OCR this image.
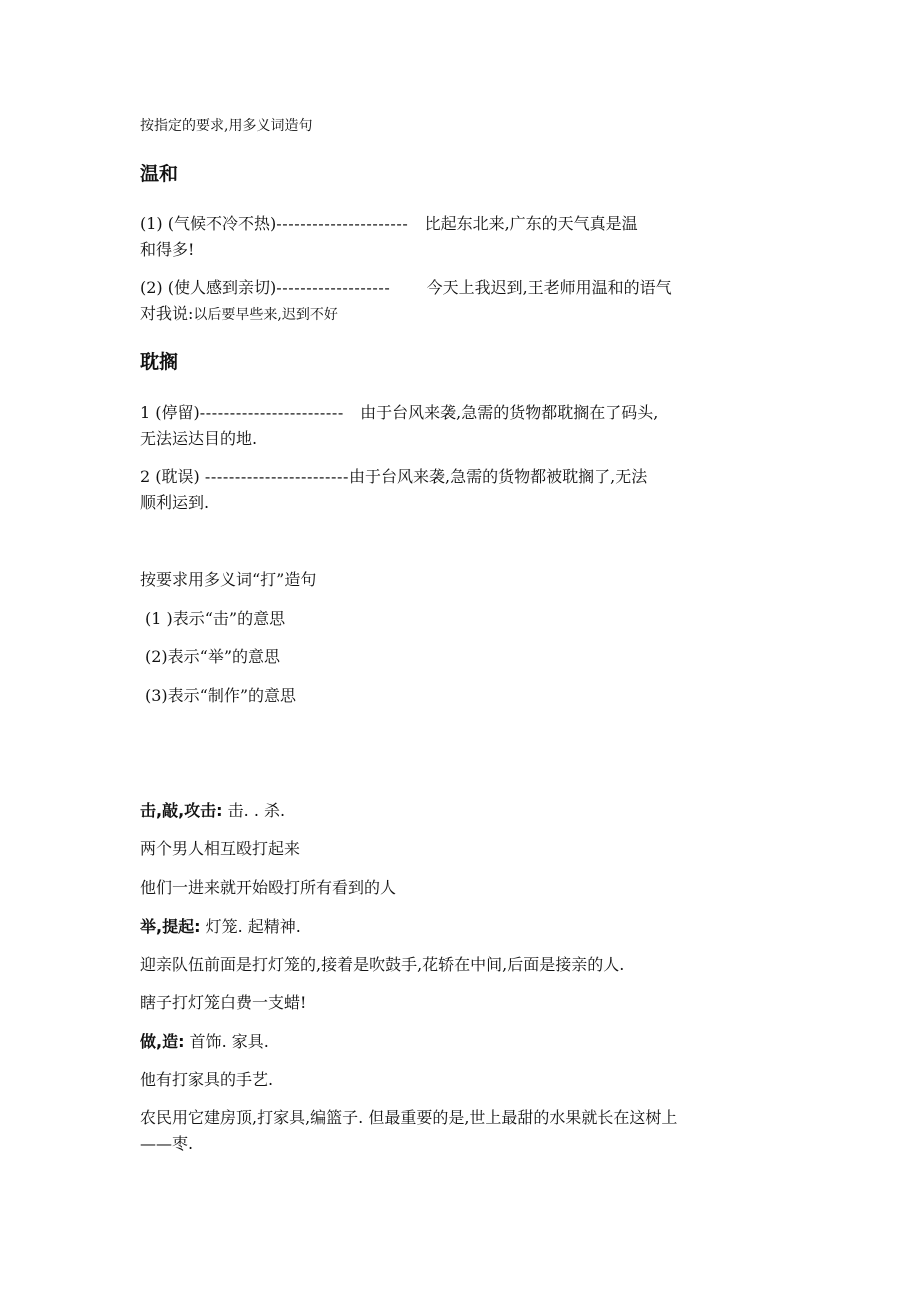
按指定的要求,用多义词造句
温和
(1) (气候不冷不热)---------------------- 比起东北来,广东的天气真是温
和得多!
(2) (使人感到亲切)------------------- 今天上我迟到,王老师用温和的语气
对我说:以后要早些来,迟到不好
耽搁
1 (停留)------------------------ 由于台风来袭,急需的货物都耽搁在了码头,
无法运达目的地.
2 (耽误) ------------------------由于台风来袭,急需的货物都被耽搁了,无法
顺利运到.
按要求用多义词“打”造句
(1 )表示“击”的意思
(2)表示“举”的意思
(3)表示“制作”的意思
击,敲,攻击: 击. . 杀.
两个男人相互殴打起来
他们一进来就开始殴打所有看到的人
举,提起: 灯笼. 起精神.
迎亲队伍前面是打灯笼的,接着是吹鼓手,花轿在中间,后面是接亲的人.
瞎子打灯笼白费一支蜡!
做,造: 首饰. 家具.
他有打家具的手艺.
农民用它建房顶,打家具,编篮子. 但最重要的是,世上最甜的水果就长在这树上
——枣.
